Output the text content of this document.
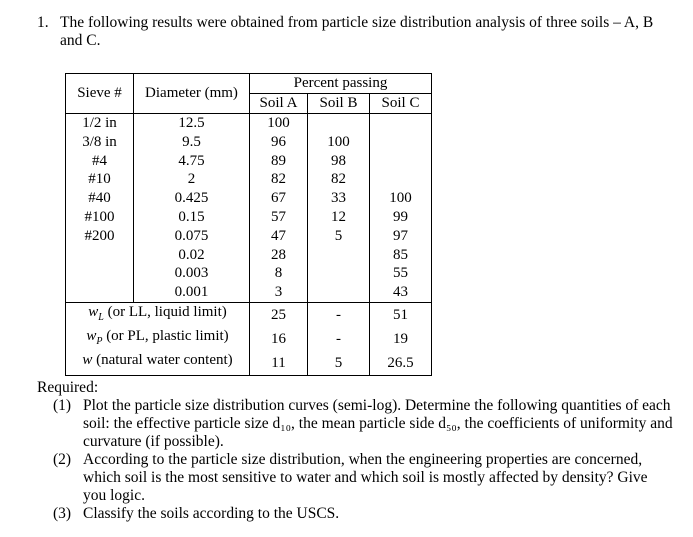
1. The following results were obtained from particle size distribution analysis of three soils – A, B and C.
Sieve #	Diameter (mm)	Percent passing		
		Soil A	Soil B	Soil C
1/2 in	12.5	100		
3/8 in	9.5	96	100	
#4	4.75	89	98	
#10	2	82	82	
#40	0.425	67	33	100
#100	0.15	57	12	99
#200	0.075	47	5	97
	0.02	28		85
	0.003	8		55
	0.001	3		43
$w_L$ (or LL, liquid limit)		25	-	51
$w_P$ (or PL, plastic limit)		16	-	19
w (natural water content)		11	5	26.5
Required:
(1) Plot the particle size distribution curves (semi-log). Determine the following quantities of each soil: the effective particle size d₁₀, the mean particle side d₅₀, the coefficients of uniformity and curvature (if possible).
(2) According to the particle size distribution, when the engineering properties are concerned, which soil is the most sensitive to water and which soil is mostly affected by density? Give you logic.
(3) Classify the soils according to the USCS.
